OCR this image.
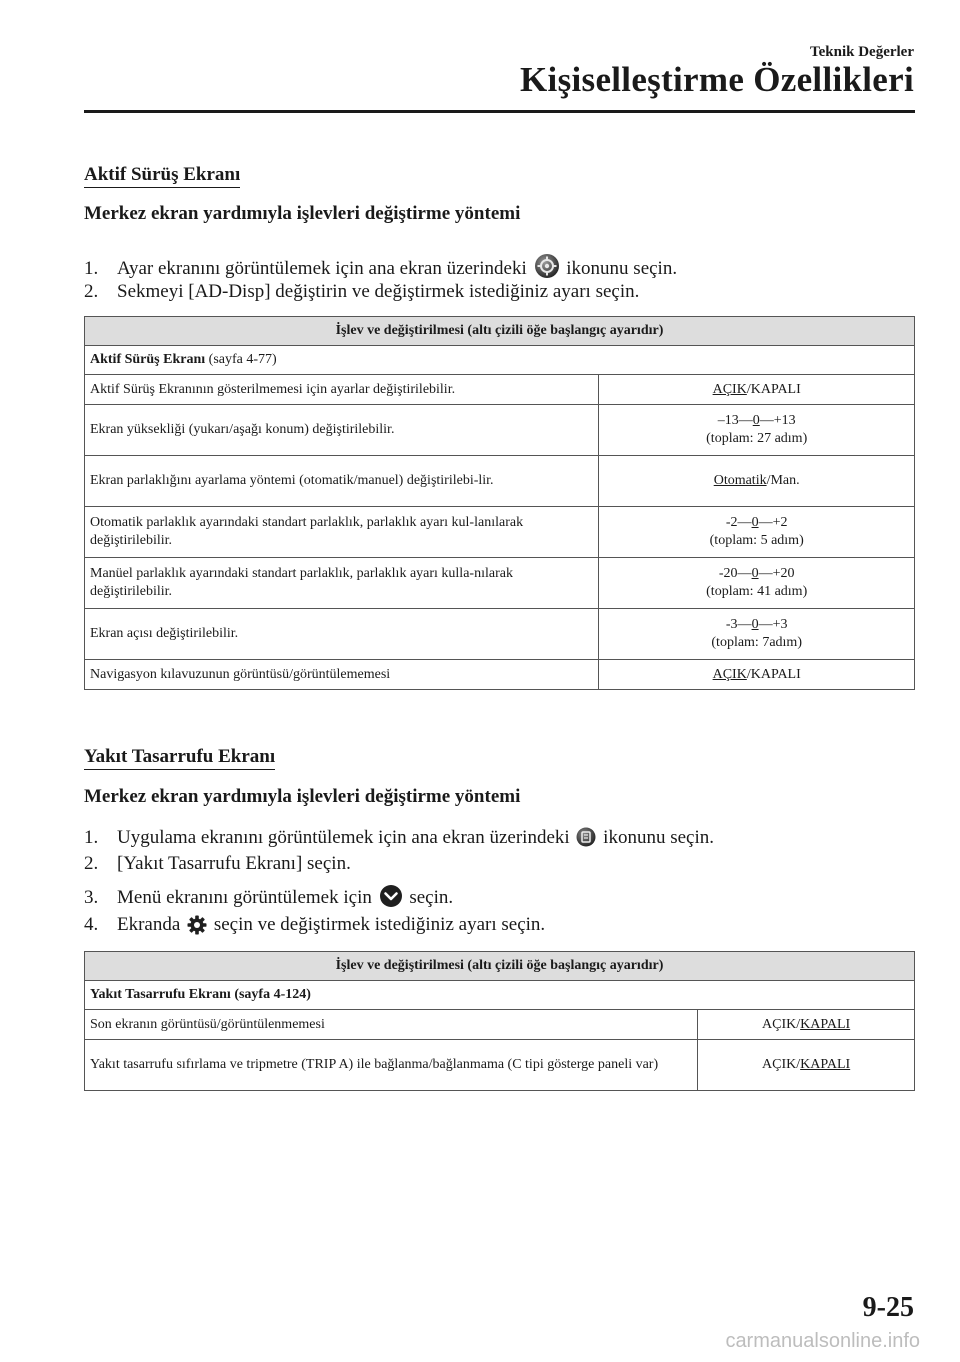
Teknik Değerler
Kişiselleştirme Özellikleri
Aktif Sürüş Ekranı
Merkez ekran yardımıyla işlevleri değiştirme yöntemi
1. Ayar ekranını görüntülemek için ana ekran üzerindeki ikonunu seçin.
2. Sekmeyi [AD-Disp] değiştirin ve değiştirmek istediğiniz ayarı seçin.
İşlev ve değiştirilmesi (altı çizili öğe başlangıç ayarıdır)	
Aktif Sürüş Ekranı (sayfa 4-77)	
Aktif Sürüş Ekranının gösterilmemesi için ayarlar değiştirilebilir.	AÇIK/KAPALI
Ekran yüksekliği (yukarı/aşağı konum) değiştirilebilir.	–13―0―+13
(toplam: 27 adım)
Ekran parlaklığını ayarlama yöntemi (otomatik/manuel) değiştirilebi-lir.	Otomatik/Man.
Otomatik parlaklık ayarındaki standart parlaklık, parlaklık ayarı kul-lanılarak değiştirilebilir.	-2―0―+2
(toplam: 5 adım)
Manüel parlaklık ayarındaki standart parlaklık, parlaklık ayarı kulla-nılarak değiştirilebilir.	-20―0―+20
(toplam: 41 adım)
Ekran açısı değiştirilebilir.	-3―0―+3
(toplam: 7adım)
Navigasyon kılavuzunun görüntüsü/görüntülememesi	AÇIK/KAPALI
Yakıt Tasarrufu Ekranı
Merkez ekran yardımıyla işlevleri değiştirme yöntemi
1. Uygulama ekranını görüntülemek için ana ekran üzerindeki ikonunu seçin.
2. [Yakıt Tasarrufu Ekranı] seçin.
3. Menü ekranını görüntülemek için seçin.
4. Ekranda seçin ve değiştirmek istediğiniz ayarı seçin.
İşlev ve değiştirilmesi (altı çizili öğe başlangıç ayarıdır)	
Yakıt Tasarrufu Ekranı (sayfa 4-124)	
Son ekranın görüntüsü/görüntülenmemesi	AÇIK/KAPALI
Yakıt tasarrufu sıfırlama ve tripmetre (TRIP A) ile bağlanma/bağlanmama (C tipi gösterge paneli var)	AÇIK/KAPALI
9-25
carmanualsonline.info
